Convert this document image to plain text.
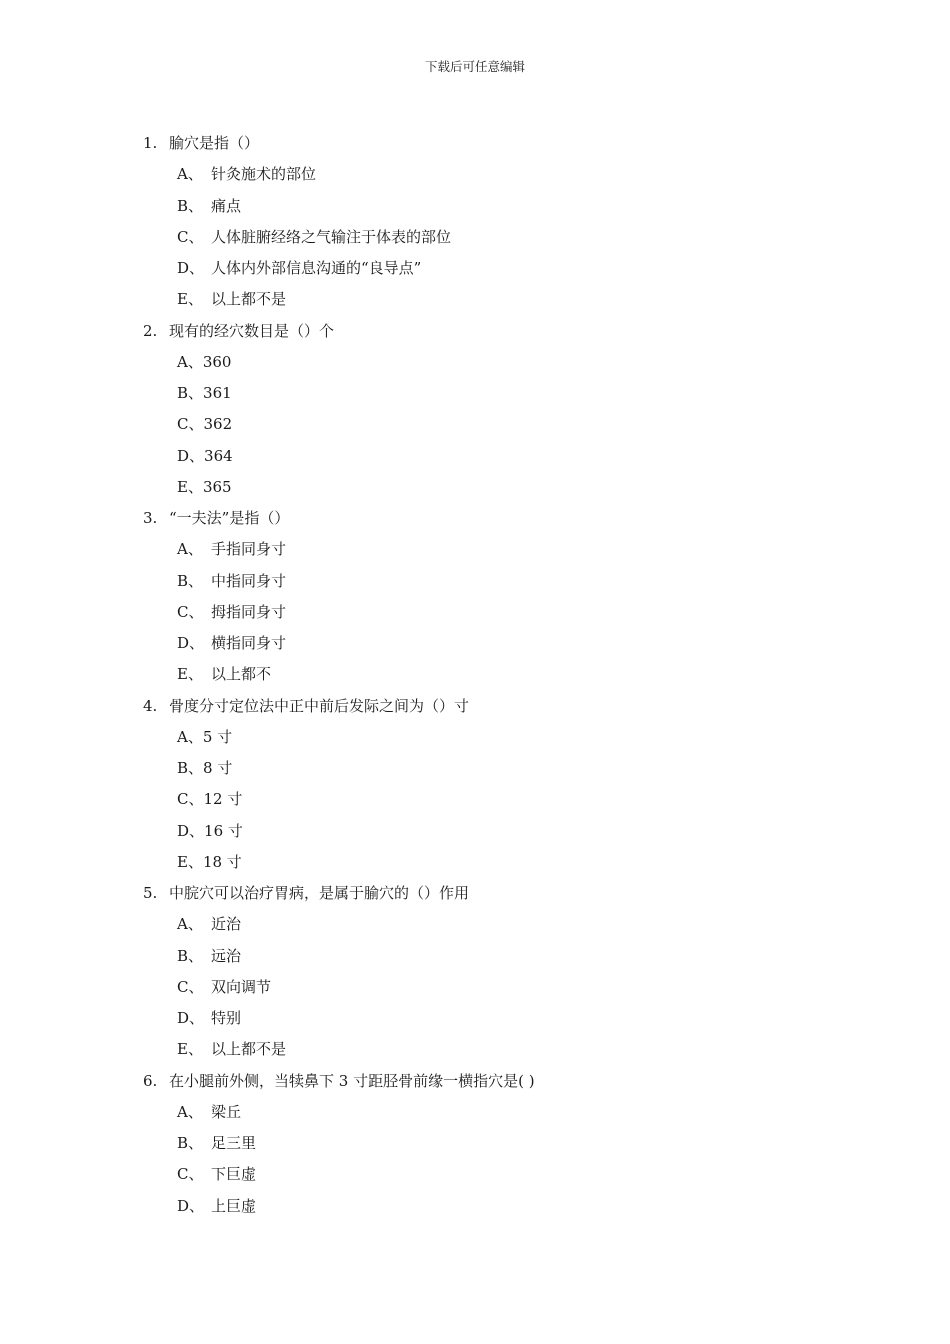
下载后可任意编辑
1. 腧穴是指（）
A、 针灸施术的部位
B、 痛点
C、 人体脏腑经络之气输注于体表的部位
D、 人体内外部信息沟通的“良导点”
E、 以上都不是
2. 现有的经穴数目是（）个
A、360
B、361
C、362
D、364
E、365
3. “一夫法”是指（）
A、 手指同身寸
B、 中指同身寸
C、 拇指同身寸
D、 横指同身寸
E、 以上都不
4. 骨度分寸定位法中正中前后发际之间为（）寸
A、5 寸
B、8 寸
C、12 寸
D、16 寸
E、18 寸
5. 中脘穴可以治疗胃病，是属于腧穴的（）作用
A、 近治
B、 远治
C、 双向调节
D、 特别
E、 以上都不是
6. 在小腿前外侧，当犊鼻下 3 寸距胫骨前缘一横指穴是( )
A、 梁丘
B、 足三里
C、 下巨虚
D、 上巨虚
